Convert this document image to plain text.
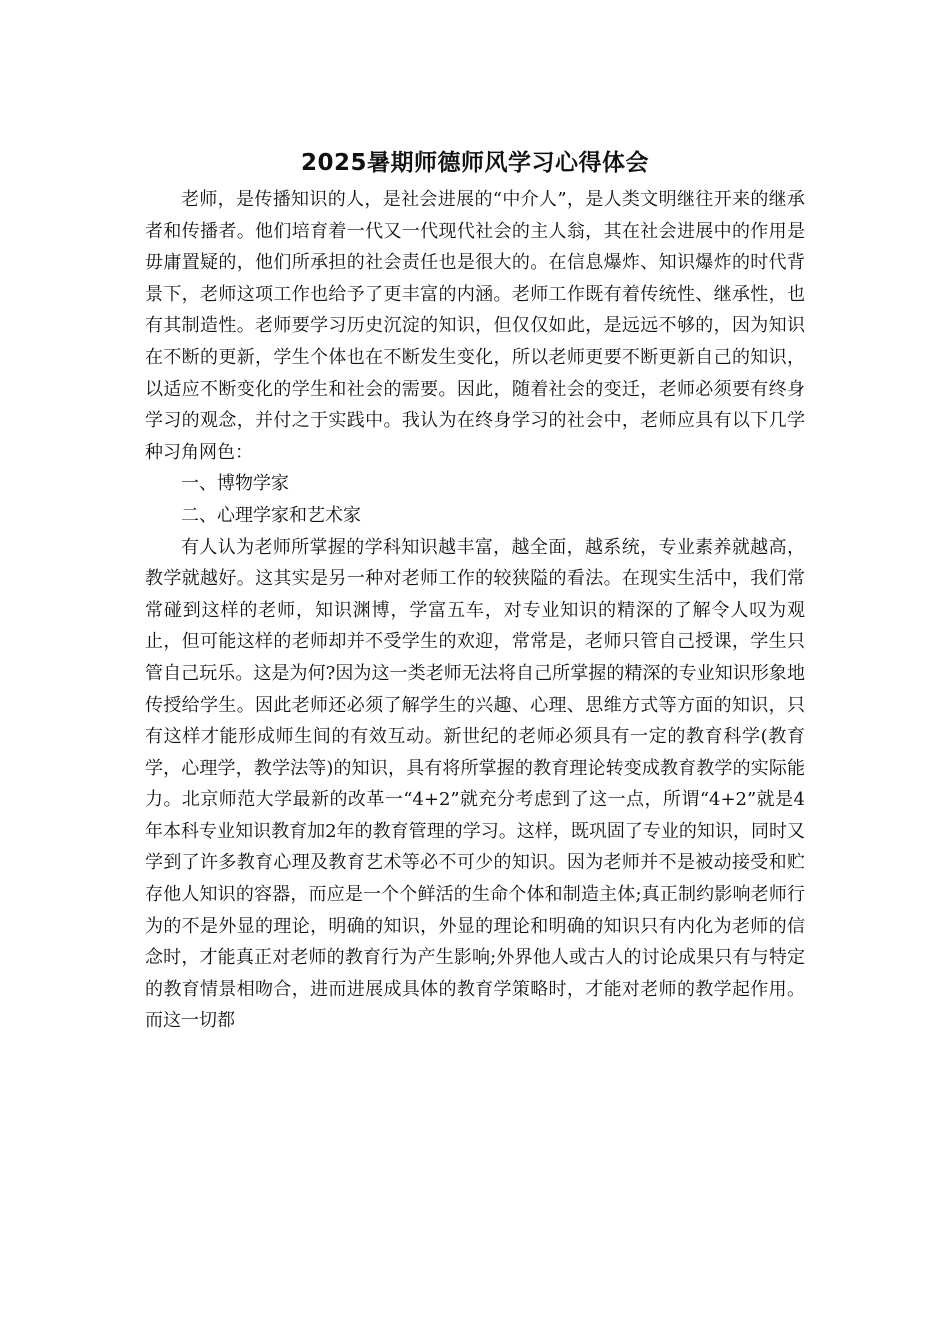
2025暑期师德师风学习心得体会

老师，是传播知识的人，是社会进展的“中介人”，是人类文明继往开来的继承者和传播者。他们培育着一代又一代现代社会的主人翁，其在社会进展中的作用是毋庸置疑的，他们所承担的社会责任也是很大的。在信息爆炸、知识爆炸的时代背景下，老师这项工作也给予了更丰富的内涵。老师工作既有着传统性、继承性，也有其制造性。老师要学习历史沉淀的知识，但仅仅如此，是远远不够的，因为知识在不断的更新，学生个体也在不断发生变化，所以老师更要不断更新自己的知识，以适应不断变化的学生和社会的需要。因此，随着社会的变迁，老师必须要有终身学习的观念，并付之于实践中。我认为在终身学习的社会中，老师应具有以下几学种习角网色：

一、博物学家

二、心理学家和艺术家

有人认为老师所掌握的学科知识越丰富，越全面，越系统，专业素养就越高，教学就越好。这其实是另一种对老师工作的较狭隘的看法。在现实生活中，我们常常碰到这样的老师，知识渊博，学富五车，对专业知识的精深的了解令人叹为观止，但可能这样的老师却并不受学生的欢迎，常常是，老师只管自己授课，学生只管自己玩乐。这是为何?因为这一类老师无法将自己所掌握的精深的专业知识形象地传授给学生。因此老师还必须了解学生的兴趣、心理、思维方式等方面的知识，只有这样才能形成师生间的有效互动。新世纪的老师必须具有一定的教育科学(教育学，心理学，教学法等)的知识，具有将所掌握的教育理论转变成教育教学的实际能力。北京师范大学最新的改革一“4+2”就充分考虑到了这一点，所谓“4+2”就是4年本科专业知识教育加2年的教育管理的学习。这样，既巩固了专业的知识，同时又学到了许多教育心理及教育艺术等必不可少的知识。因为老师并不是被动接受和贮存他人知识的容器，而应是一个个鲜活的生命个体和制造主体;真正制约影响老师行为的不是外显的理论，明确的知识，外显的理论和明确的知识只有内化为老师的信念时，才能真正对老师的教育行为产生影响;外界他人或古人的讨论成果只有与特定的教育情景相吻合，进而进展成具体的教育学策略时，才能对老师的教学起作用。而这一切都
